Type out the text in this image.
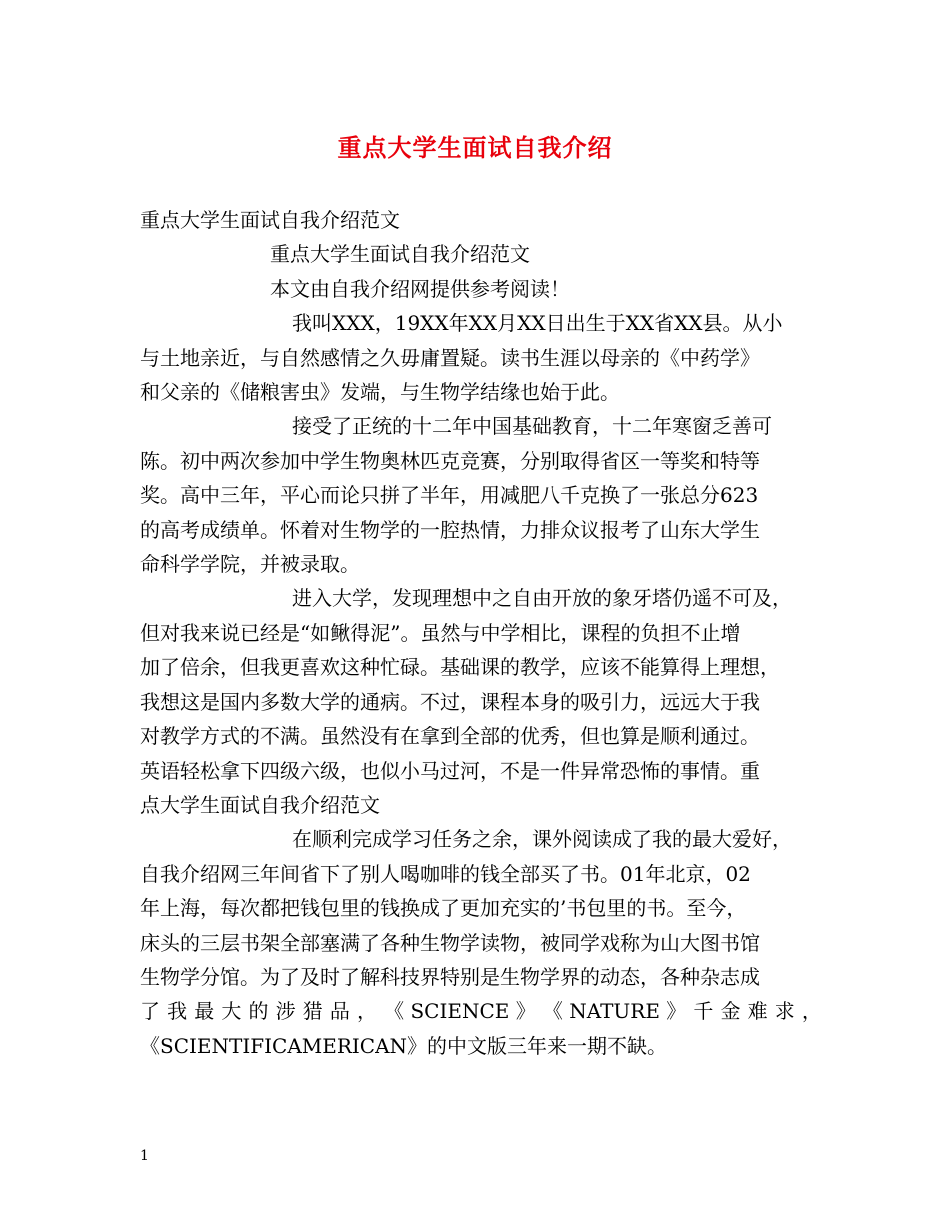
重点大学生面试自我介绍
重点大学生面试自我介绍范文
重点大学生面试自我介绍范文
本文由自我介绍网提供参考阅读！
我叫XXX，19XX年XX月XX日出生于XX省XX县。从小
与土地亲近，与自然感情之久毋庸置疑。读书生涯以母亲的《中药学》
和父亲的《储粮害虫》发端，与生物学结缘也始于此。
接受了正统的十二年中国基础教育，十二年寒窗乏善可
陈。初中两次参加中学生物奥林匹克竞赛，分别取得省区一等奖和特等
奖。高中三年，平心而论只拼了半年，用减肥八千克换了一张总分623
的高考成绩单。怀着对生物学的一腔热情，力排众议报考了山东大学生
命科学学院，并被录取。
进入大学，发现理想中之自由开放的象牙塔仍遥不可及，
但对我来说已经是“如鳅得泥”。虽然与中学相比，课程的负担不止增
加了倍余，但我更喜欢这种忙碌。基础课的教学，应该不能算得上理想，
我想这是国内多数大学的通病。不过，课程本身的吸引力，远远大于我
对教学方式的不满。虽然没有在拿到全部的优秀，但也算是顺利通过。
英语轻松拿下四级六级，也似小马过河，不是一件异常恐怖的事情。重
点大学生面试自我介绍范文
在顺利完成学习任务之余，课外阅读成了我的最大爱好，
自我介绍网三年间省下了别人喝咖啡的钱全部买了书。01年北京，02
年上海，每次都把钱包里的钱换成了更加充实的’书包里的书。至今，
床头的三层书架全部塞满了各种生物学读物，被同学戏称为山大图书馆
生物学分馆。为了及时了解科技界特别是生物学界的动态，各种杂志成
了 我 最 大 的 涉 猎 品 ， 《 SCIENCE 》 《 NATURE 》 千 金 难 求 ，
《SCIENTIFICAMERICAN》的中文版三年来一期不缺。
1
